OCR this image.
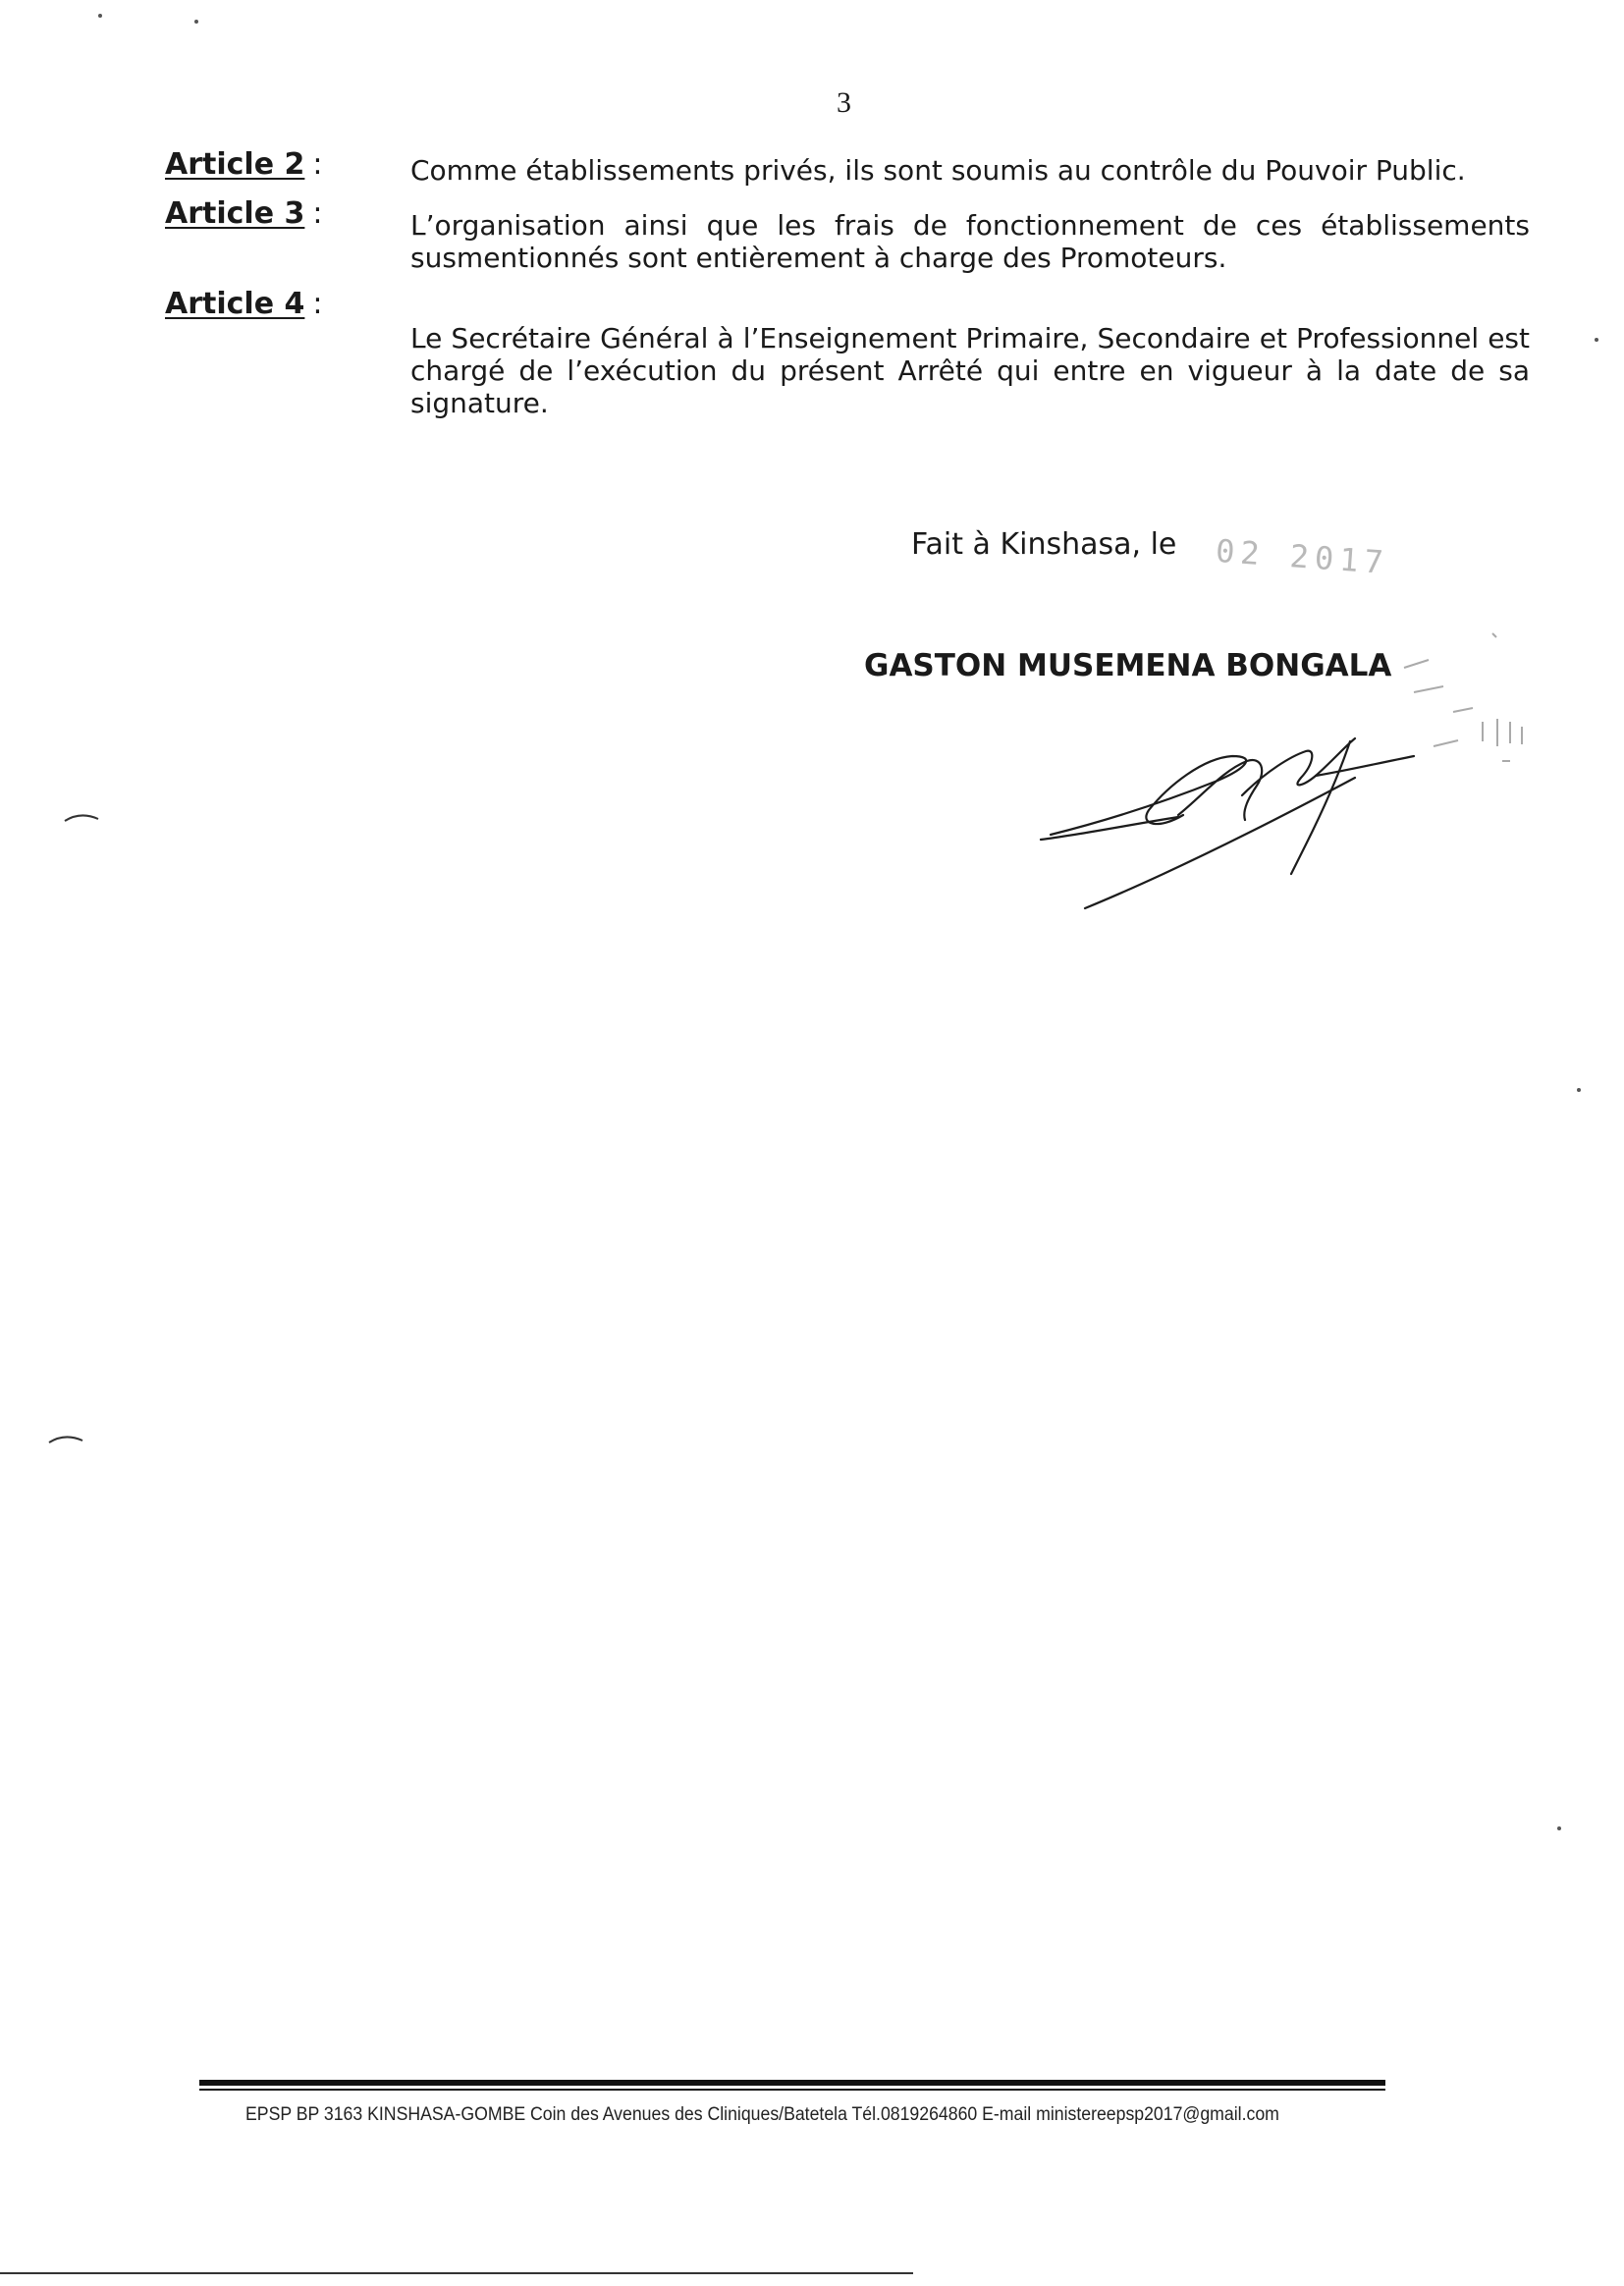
3
Article 2 :	Comme établissements privés, ils sont soumis au contrôle du Pouvoir Public.
Article 3 :	L’organisation ainsi que les frais de fonctionnement de ces établissements susmentionnés sont entièrement à charge des Promoteurs.
Article 4 :
Le Secrétaire Général à l’Enseignement Primaire, Secondaire et Professionnel est chargé de l’exécution du présent Arrêté qui entre en vigueur à la date de sa signature.
Fait à Kinshasa, le 02 2017
GASTON MUSEMENA BONGALA
EPSP BP 3163 KINSHASA-GOMBE Coin des Avenues des Cliniques/Batetela Tél.0819264860 E-mail ministereepsp2017@gmail.com
